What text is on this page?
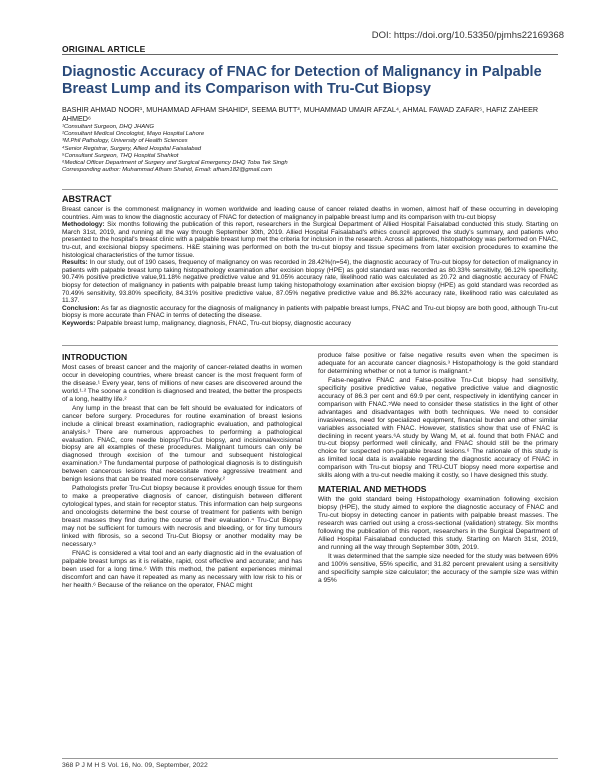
DOI: https://doi.org/10.53350/pjmhs22169368
ORIGINAL ARTICLE
Diagnostic Accuracy of FNAC for Detection of Malignancy in Palpable Breast Lump and its Comparison with Tru-Cut Biopsy
BASHIR AHMAD NOOR¹, MUHAMMAD AFHAM SHAHID², SEEMA BUTT³, MUHAMMAD UMAIR AFZAL⁴, AHMAL FAWAD ZAFAR⁵, HAFIZ ZAHEER AHMED⁶
¹Consultant Surgeon, DHQ JHANG
²Consultant Medical Oncologist, Mayo Hospital Lahore
³M.Phil Pathology, University of Health Sciences
⁴Senior Registrar, Surgery, Allied Hospital Faisalabad
⁵Consultant Surgeon, THQ Hospital Shahkot
⁶Medical Officer Department of Surgery and Surgical Emergency DHQ Toba Tek Singh
Corresponding author: Muhammad Afham Shahid, Email: afham182@gmail.com
ABSTRACT

Breast cancer is the commonest malignancy in women worldwide and leading cause of cancer related deaths in women, almost half of these occurring in developing countries. Aim was to know the diagnostic accuracy of FNAC for detection of malignancy in palpable breast lump and its comparison with tru-cut biopsy

Methodology: Six months following the publication of this report, researchers in the Surgical Department of Allied Hospital Faisalabad conducted this study. Starting on March 31st, 2019, and running all the way through September 30th, 2019. Allied Hospital Faisalabad's ethics council approved the study's summary, and patients who presented to the hospital's breast clinic with a palpable breast lump met the criteria for inclusion in the research. Across all patients, histopathology was performed on FNAC, tru-cut, and excisional biopsy specimens. H&E staining was performed on both the tru-cut biopsy and tissue specimens from later excision procedures to examine the histological characteristics of the tumor tissue.

Results: In our study, out of 190 cases, frequency of malignancy on was recorded in 28.42%(n=54), the diagnostic accuracy of Tru-cut biopsy for detection of malignancy in patients with palpable breast lump taking histopathology examination after excision biopsy (HPE) as gold standard was recorded as 80.33% sensitivity, 96.12% specificity, 90.74% positive predictive value,91.18% negative predictive value and 91.05% accuracy rate, likelihood ratio was calculated as 20.72 and diagnostic accuracy of FNAC biopsy for detection of malignancy in patients with palpable breast lump taking histopathology examination after excision biopsy (HPE) as gold standard was recorded as 70.49% sensitivity, 93.80% specificity, 84.31% positive predictive value, 87.05% negative predictive value and 86.32% accuracy rate, likelihood ratio was calculated as 11.37.

Conclusion: As far as diagnostic accuracy for the diagnosis of malignancy in patients with palpable breast lumps, FNAC and Tru-cut biopsy are both good, although Tru-cut biopsy is more accurate than FNAC in terms of detecting the disease.

Keywords: Palpable breast lump, malignancy, diagnosis, FNAC, Tru-cut biopsy, diagnostic accuracy

INTRODUCTION

Most cases of breast cancer and the majority of cancer-related deaths in women occur in developing countries, where breast cancer is the most frequent form of the disease.¹ Every year, tens of millions of new cases are discovered around the world.¹·² The sooner a condition is diagnosed and treated, the better the prospects of a long, healthy life.²

Any lump in the breast that can be felt should be evaluated for indicators of cancer before surgery. Procedures for routine examination of breast lesions include a clinical breast examination, radiographic evaluation, and pathological analysis.³ There are numerous approaches to performing a pathological evaluation. FNAC, core needle biopsy/Tru-Cut biopsy, and incisional/excisional biopsy are all examples of these procedures. Malignant tumours can only be diagnosed through excision of the tumour and subsequent histological examination.³ The fundamental purpose of pathological diagnosis is to distinguish between cancerous lesions that necessitate more aggressive treatment and benign lesions that can be treated more conservatively.²

Pathologists prefer Tru-Cut biopsy because it provides enough tissue for them to make a preoperative diagnosis of cancer, distinguish between different cytological types, and stain for receptor status. This information can help surgeons and oncologists determine the best course of treatment for patients with benign breast masses they find during the course of their evaluation.⁴ Tru-Cut Biopsy may not be sufficient for tumours with necrosis and bleeding, or for tiny tumours linked with fibrosis, so a second Tru-Cut Biopsy or another modality may be necessary.⁵

FNAC is considered a vital tool and an early diagnostic aid in the evaluation of palpable breast lumps as it is reliable, rapid, cost effective and accurate; and has been used for a long time.⁶ With this method, the patient experiences minimal discomfort and can have it repeated as many as necessary with low risk to his or her health.⁶ Because of the reliance on the operator, FNAC might

produce false positive or false negative results even when the specimen is adequate for an accurate cancer diagnosis.³ Histopathology is the gold standard for determining whether or not a tumor is malignant.⁴

False-negative FNAC and False-positive Tru-Cut biopsy had sensitivity, specificity positive predictive value, negative predictive value and diagnostic accuracy of 86.3 per cent and 69.9 per cent, respectively in identifying cancer in comparison with FNAC.⁵We need to consider these statistics in the light of other advantages and disadvantages with both techniques. We need to consider invasiveness, need for specialized equipment, financial burden and other similar variables associated with FNAC. However, statistics show that use of FNAC is declining in recent years.⁶A study by Wang M, et al. found that both FNAC and tru-cut biopsy performed well clinically, and FNAC should still be the primary choice for suspected non-palpable breast lesions.⁶ The rationale of this study is as limited local data is available regarding the diagnostic accuracy of FNAC in comparison with Tru-cut biopsy and TRU-CUT biopsy need more expertise and skills along with a tru-cut needle making it costly, so I have designed this study.

MATERIAL AND METHODS

With the gold standard being Histopathology examination following excision biopsy (HPE), the study aimed to explore the diagnostic accuracy of FNAC and Tru-cut biopsy in detecting cancer in patients with palpable breast masses. The research was carried out using a cross-sectional (validation) strategy. Six months following the publication of this report, researchers in the Surgical Department of Allied Hospital Faisalabad conducted this study. Starting on March 31st, 2019, and running all the way through September 30th, 2019.

It was determined that the sample size needed for the study was between 69% and 100% sensitive, 55% specific, and 31.82 percent prevalent using a sensitivity and specificity sample size calculator; the accuracy of the sample size was within a 95%

368 P J M H S Vol. 16, No. 09, September, 2022
